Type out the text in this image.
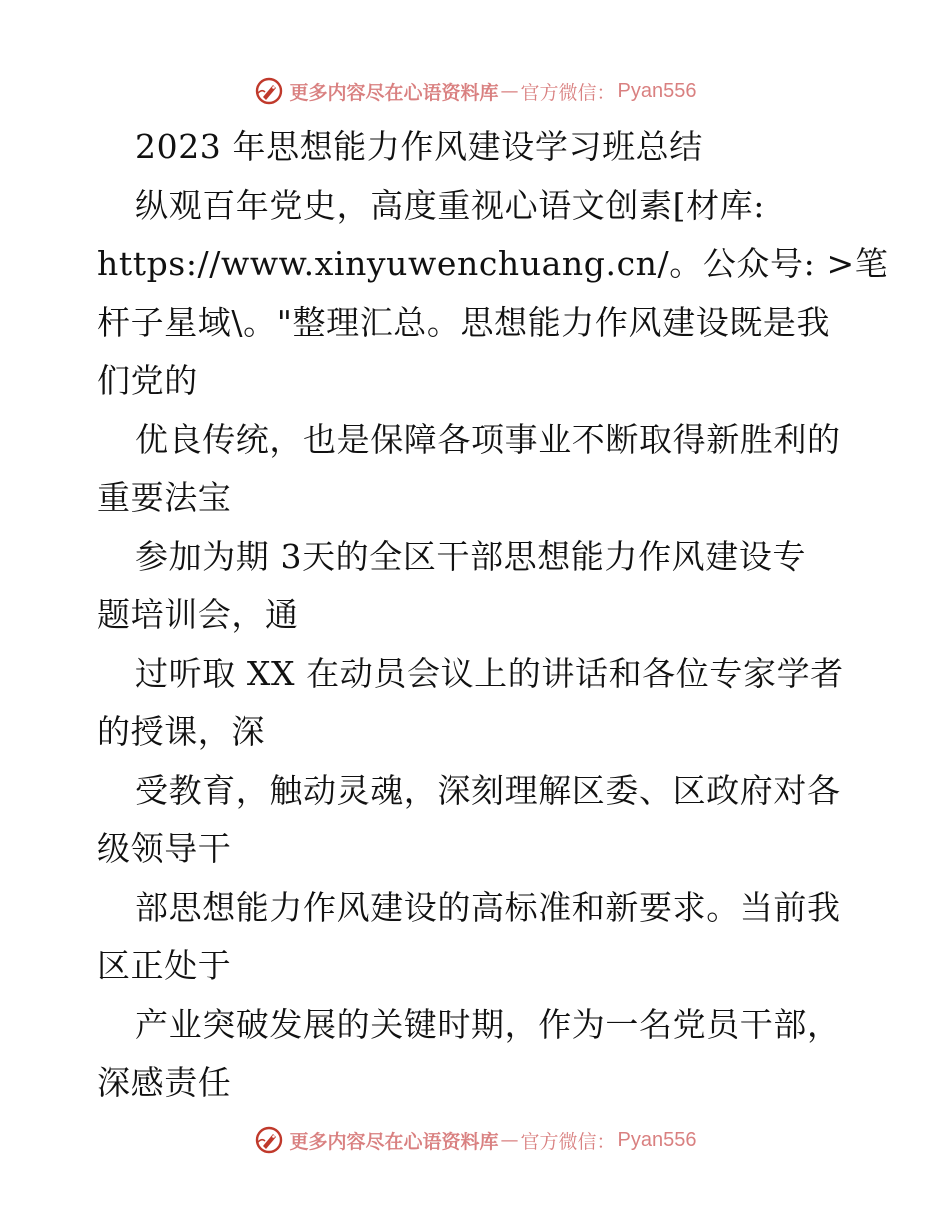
更多内容尽在心语资料库 — 官方微信： Pyan556
2023 年思想能力作风建设学习班总结
纵观百年党史，高度重视心语文创素[材库:
https://www.xinyuwenchuang.cn/。公众号: >笔
杆子星域\。"整理汇总。思想能力作风建设既是我
们党的
优良传统，也是保障各项事业不断取得新胜利的
重要法宝
参加为期 3天的全区干部思想能力作风建设专
题培训会，通
过听取 XX 在动员会议上的讲话和各位专家学者
的授课，深
受教育，触动灵魂，深刻理解区委、区政府对各
级领导干
部思想能力作风建设的高标准和新要求。当前我
区正处于
产业突破发展的关键时期，作为一名党员干部，
深感责任
更多内容尽在心语资料库 — 官方微信： Pyan556
